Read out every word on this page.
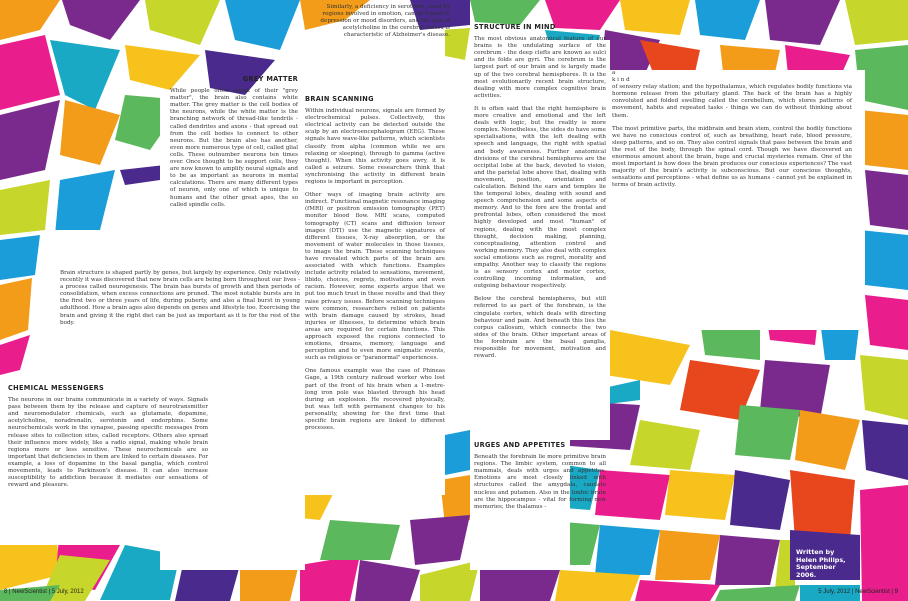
Similarly, a deficiency in serotonin, used by regions involved in emotion, can be linked to depression or mood disorders, and the loss of acetylcholine in the cerebral cortex is characteristic of Alzheimer's disease.

GREY MATTER

While people often speak of their "grey matter", the brain also contains white matter. The grey matter is the cell bodies of the neurons, while the white matter is the branching network of thread-like tendrils - called dendrites and axons - that spread out from the cell bodies to connect to other neurons. But the brain also has another, even more numerous type of cell, called glial cells. These outnumber neurons ten times over. Once thought to be support cells, they are now known to amplify neural signals and to be as important as neurons in mental calculations. There are many different types of neuron, only one of which is unique to humans and the other great apes, the so called spindle cells.

Brain structure is shaped partly by genes, but largely by experience. Only relatively recently it was discovered that new brain cells are being born throughout our lives - a process called neurogenesis. The brain has bursts of growth and then periods of consolidation, when excess connections are pruned. The most notable bursts are in the first two or three years of life, during puberty, and also a final burst in young adulthood. How a brain ages also depends on genes and lifestyle too. Exercising the brain and giving it the right diet can be just as important as it is for the rest of the body.

CHEMICAL MESSENGERS

The neurons in our brains communicate in a variety of ways. Signals pass between them by the release and capture of neurotransmitter and neuromodulator chemicals, such as glutamate, dopamine, acetylcholine, noradrenalin, serotonin and endorphins. Some neurochemicals work in the synapse, passing specific messages from release sites to collection sites, called receptors. Others also spread their influence more widely, like a radio signal, making whole brain regions more or less sensitive. These neurochemicals are so important that deficiencies in them are linked to certain diseases. For example, a loss of dopamine in the basal ganglia, which control movements, leads to Parkinson's disease. It can also increase susceptibility to addiction because it mediates our sensations of reward and pleasure.

BRAIN SCANNING

Within individual neurons, signals are formed by electrochemical pulses. Collectively, this electrical activity can be detected outside the scalp by an electroencephalogram (EEG). These signals have wave-like patterns, which scientists classify from alpha (common while we are relaxing or sleeping), through to gamma (active thought). When this activity goes awry, it is called a seizure. Some researchers think that synchronising the activity in different brain regions is important in perception.

Other ways of imaging brain activity are indirect. Functional magnetic resonance imaging (fMRI) or positron emission tomography (PET) monitor blood flow. MRI scans, computed tomography (CT) scans and diffusion tensor images (DTI) use the magnetic signatures of different tissues, X-ray absorption, or the movement of water molecules in those tissues, to image the brain. These scanning techniques have revealed which parts of the brain are associated with which functions. Examples include activity related to sensations, movement, libido, choices, regrets, motivations and even racism. However, some experts argue that we put too much trust in these results and that they raise privacy issues. Before scanning techniques were common, researchers relied on patients with brain damage caused by strokes, head injuries or illnesses, to determine which brain areas are required for certain functions. This approach exposed the regions connected to emotions, dreams, memory, language and perception and to even more enigmatic events, such as religious or "paranormal" experiences.

One famous example was the case of Phineas Gage, a 19th century railroad worker who lost part of the front of his brain when a 1-metre-long iron pole was blasted through his head during an explosion. He recovered physically, but was left with permanent changes to his personality, showing for the first time that specific brain regions are linked to different processes.

STRUCTURE IN MIND

The most obvious anatomical feature of our brains is the undulating surface of the cerebrum - the deep clefts are known as sulci and its folds are gyri. The cerebrum is the largest part of our brain and is largely made up of the two cerebral hemispheres. It is the most evolutionarily recent brain structure, dealing with more complex cognitive brain activities.

It is often said that the right hemisphere is more creative and emotional and the left deals with logic, but the reality is more complex. Nonetheless, the sides do have some specialisations, with the left dealing with speech and language, the right with spatial and body awareness. Further anatomical divisions of the cerebral hemispheres are the occipital lobe at the back, devoted to vision, and the parietal lobe above that, dealing with movement, position, orientation and calculation. Behind the ears and temples lie the temporal lobes, dealing with sound and speech comprehension and some aspects of memory. And to the fore are the frontal and prefrontal lobes, often considered the most highly developed and most "human" of regions, dealing with the most complex thought, decision making, planning, conceptualising, attention control and working memory. They also deal with complex social emotions such as regret, morality and empathy. Another way to classify the regions is as sensory cortex and motor cortex, controlling incoming information, and outgoing behaviour respectively.

Below the cerebral hemispheres, but still referred to as part of the forebrain, is the cingulate cortex, which deals with directing behaviour and pain. And beneath this lies the corpus callosum, which connects the two sides of the brain. Other important areas of the forebrain are the basal ganglia, responsible for movement, motivation and reward.

URGES AND APPETITES

Beneath the forebrain lie more primitive brain regions. The limbic system, common to all mammals, deals with urges and appetites. Emotions are most closely linked with structures called the amygdala, caudate nucleus and putamen. Also in the limbic brain are the hippocampus - vital for forming new memories; the thalamus -

a
k i n d

of sensory relay station; and the hypothalamus, which regulates bodily functions via hormone release from the pituitary gland. The back of the brain has a highly convoluted and folded swelling called the cerebellum, which stores patterns of movement, habits and repeated tasks - things we can do without thinking about them.

The most primitive parts, the midbrain and brain stem, control the bodily functions we have no conscious control of, such as breathing, heart rate, blood pressure, sleep patterns, and so on. They also control signals that pass between the brain and the rest of the body, through the spinal cord. Though we have discovered an enormous amount about the brain, huge and crucial mysteries remain. One of the most important is how does the brain produces our conscious experiences? The vast majority of the brain's activity is subconscious. But our conscious thoughts, sensations and perceptions - what define us as humans - cannot yet be explained in terms of brain activity.

Written by Helen Philips, September 2006.
8 | NewScientist | 5 July, 2012	5 July, 2012 | NewScientist | 9
